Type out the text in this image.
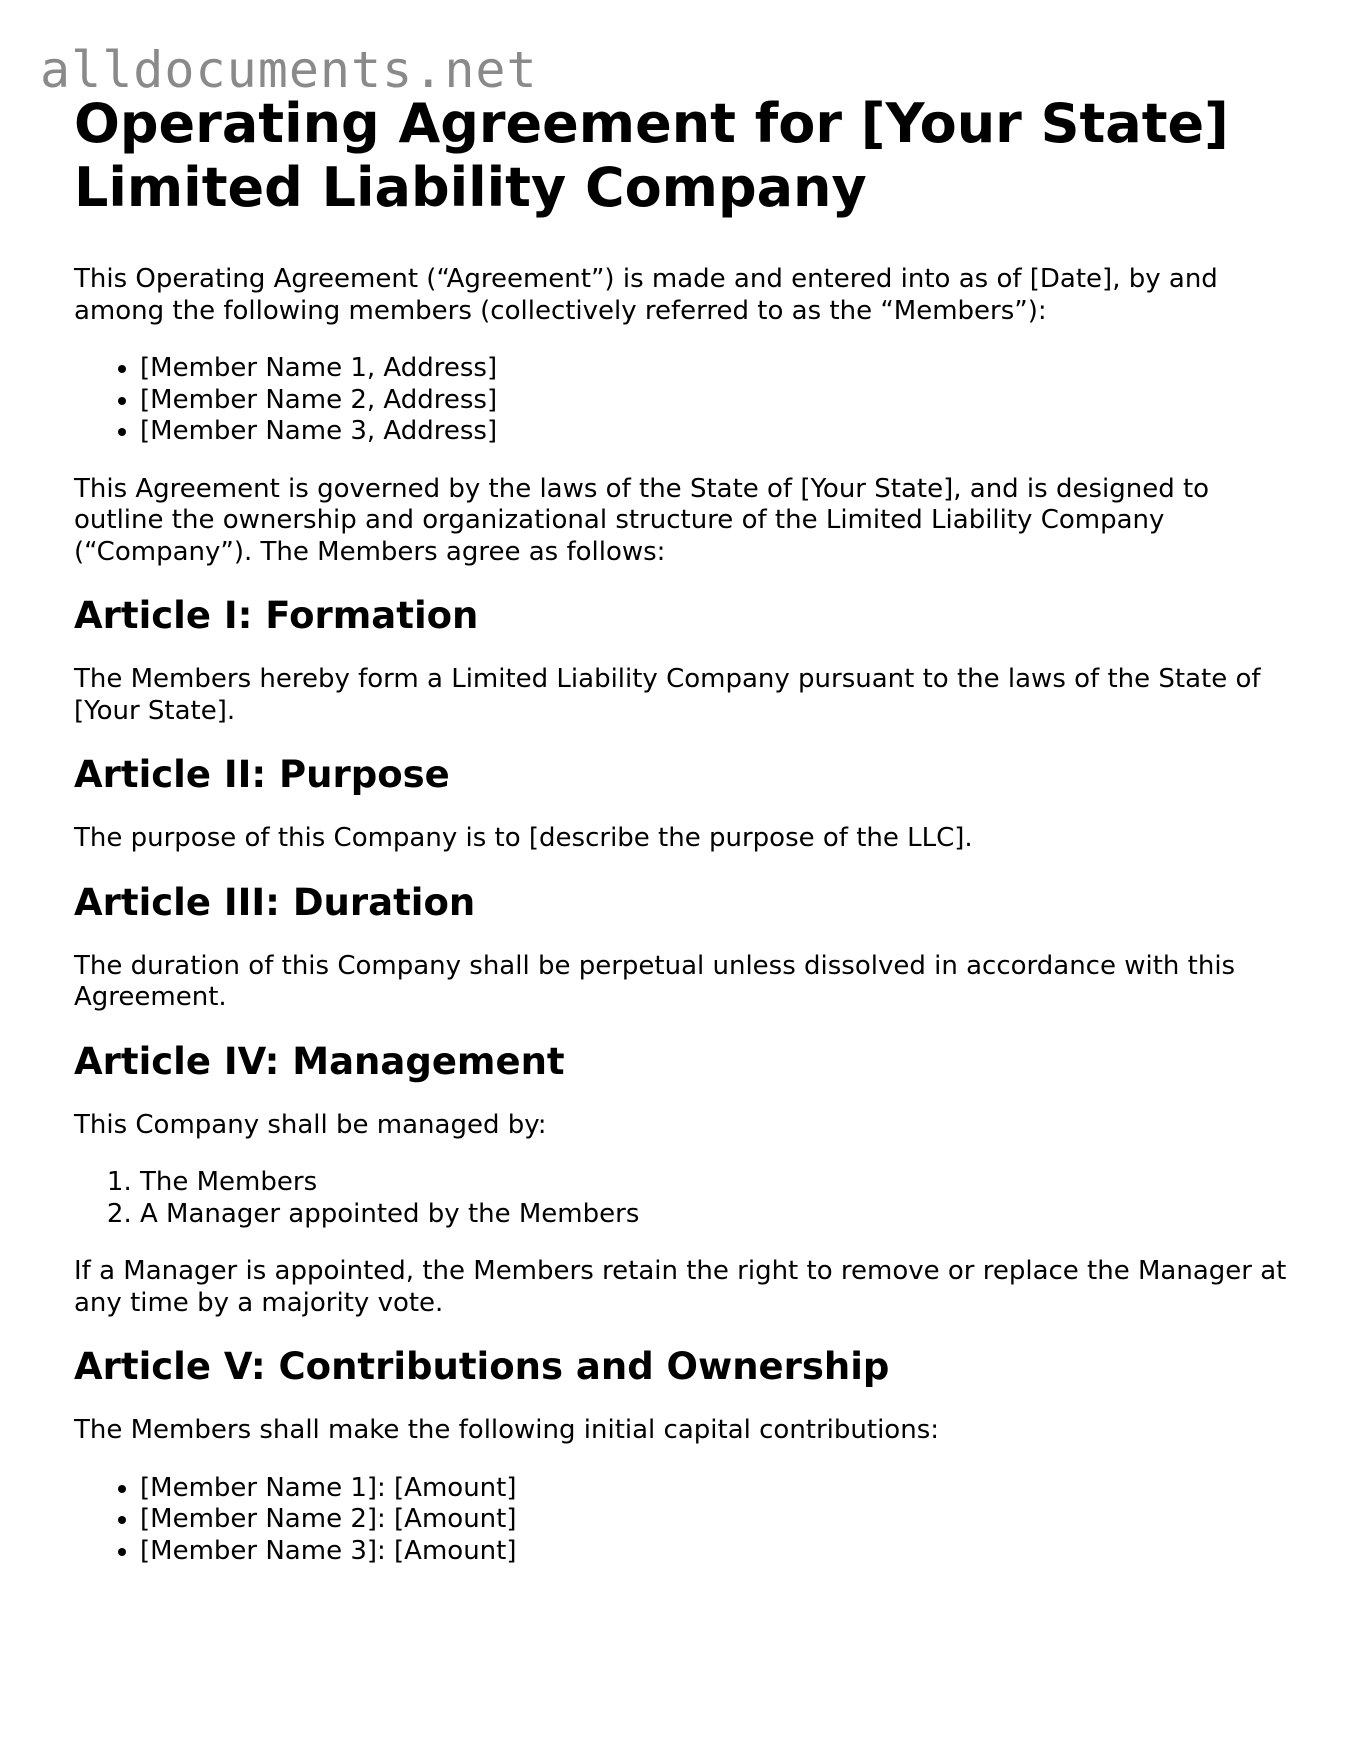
alldocuments.net
Operating Agreement for [Your State]
Limited Liability Company

This Operating Agreement (“Agreement”) is made and entered into as of [Date], by and among the following members (collectively referred to as the “Members”):

• [Member Name 1, Address]
• [Member Name 2, Address]
• [Member Name 3, Address]

This Agreement is governed by the laws of the State of [Your State], and is designed to outline the ownership and organizational structure of the Limited Liability Company (“Company”). The Members agree as follows:

Article I: Formation

The Members hereby form a Limited Liability Company pursuant to the laws of the State of [Your State].

Article II: Purpose

The purpose of this Company is to [describe the purpose of the LLC].

Article III: Duration

The duration of this Company shall be perpetual unless dissolved in accordance with this Agreement.

Article IV: Management

This Company shall be managed by:

1. The Members
2. A Manager appointed by the Members

If a Manager is appointed, the Members retain the right to remove or replace the Manager at any time by a majority vote.

Article V: Contributions and Ownership

The Members shall make the following initial capital contributions:

• [Member Name 1]: [Amount]
• [Member Name 2]: [Amount]
• [Member Name 3]: [Amount]
